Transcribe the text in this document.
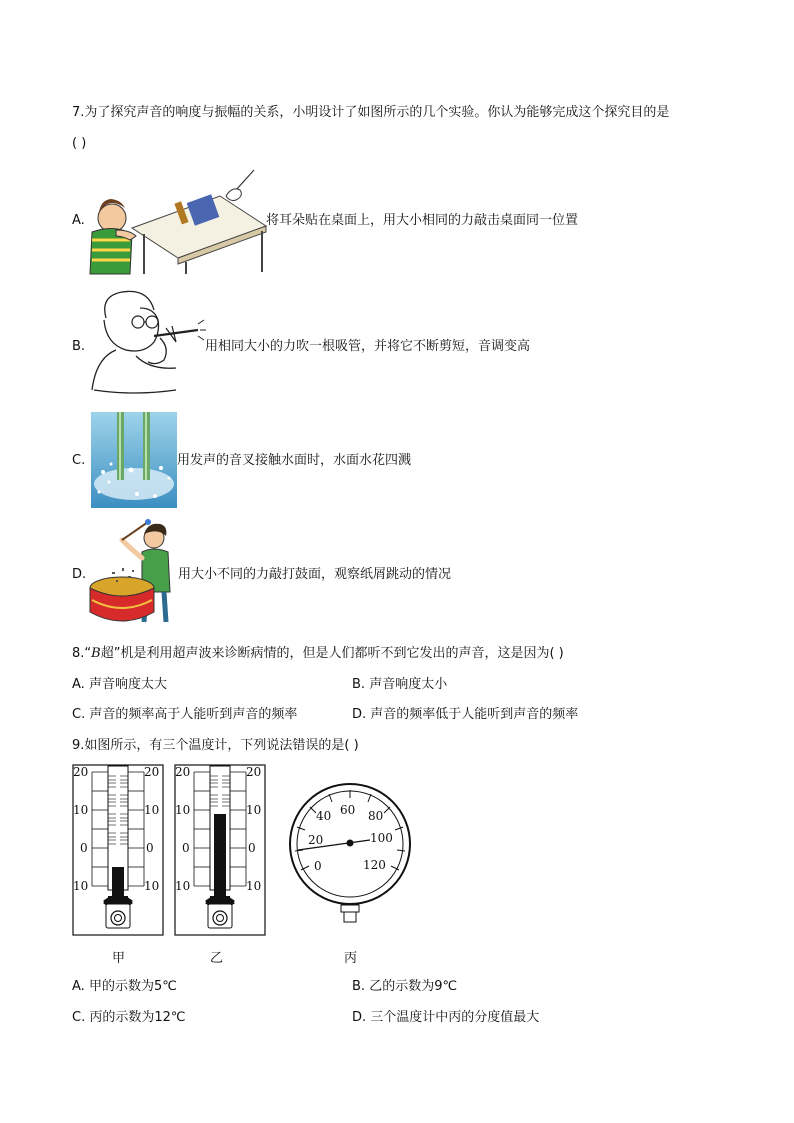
7.为了探究声音的响度与振幅的关系，小明设计了如图所示的几个实验。你认为能够完成这个探究目的是
( )
A.	将耳朵贴在桌面上，用大小相同的力敲击桌面同一位置
B.	用相同大小的力吹一根吸管，并将它不断剪短，音调变高
C.	用发声的音叉接触水面时，水面水花四溅
D.	用大小不同的力敲打鼓面，观察纸屑跳动的情况
8.“B超”机是利用超声波来诊断病情的，但是人们都听不到它发出的声音，这是因为( )
A. 声音响度太大	B. 声音响度太小
C. 声音的频率高于人能听到声音的频率	D. 声音的频率低于人能听到声音的频率
9.如图所示，有三个温度计，下列说法错误的是( )
20
10
0
10
20
10
0
10
20
10
0
10
20
10
0
10
0
20
40 60 80
100
120
甲	乙	丙
A. 甲的示数为5℃	B. 乙的示数为9℃
C. 丙的示数为12℃	D. 三个温度计中丙的分度值最大
